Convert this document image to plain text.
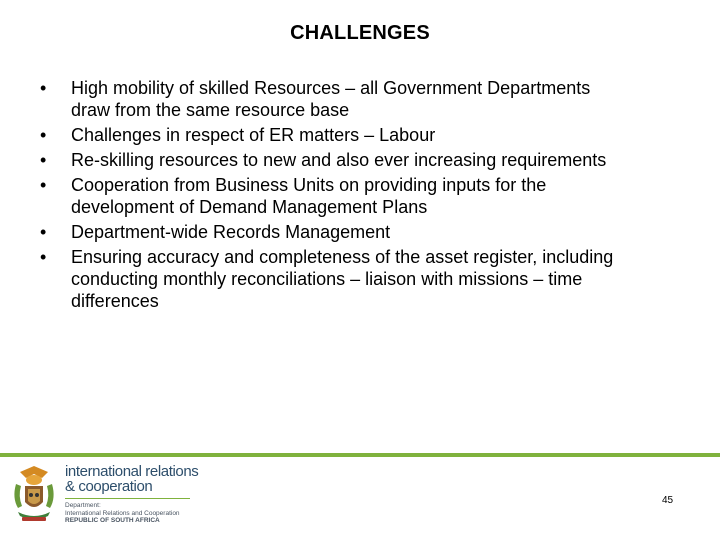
CHALLENGES
•	High mobility of skilled Resources – all Government Departments
draw from the same resource base
•	Challenges in respect of ER matters – Labour
•	Re-skilling resources to new and also ever increasing requirements
•	Cooperation from Business Units on providing inputs for the
development of Demand Management Plans
•	Department-wide Records Management
•	Ensuring accuracy and completeness of the asset register, including
conducting monthly reconciliations – liaison with missions – time
differences
international relations
& cooperation
Department:
International Relations and Cooperation
REPUBLIC OF SOUTH AFRICA
45
